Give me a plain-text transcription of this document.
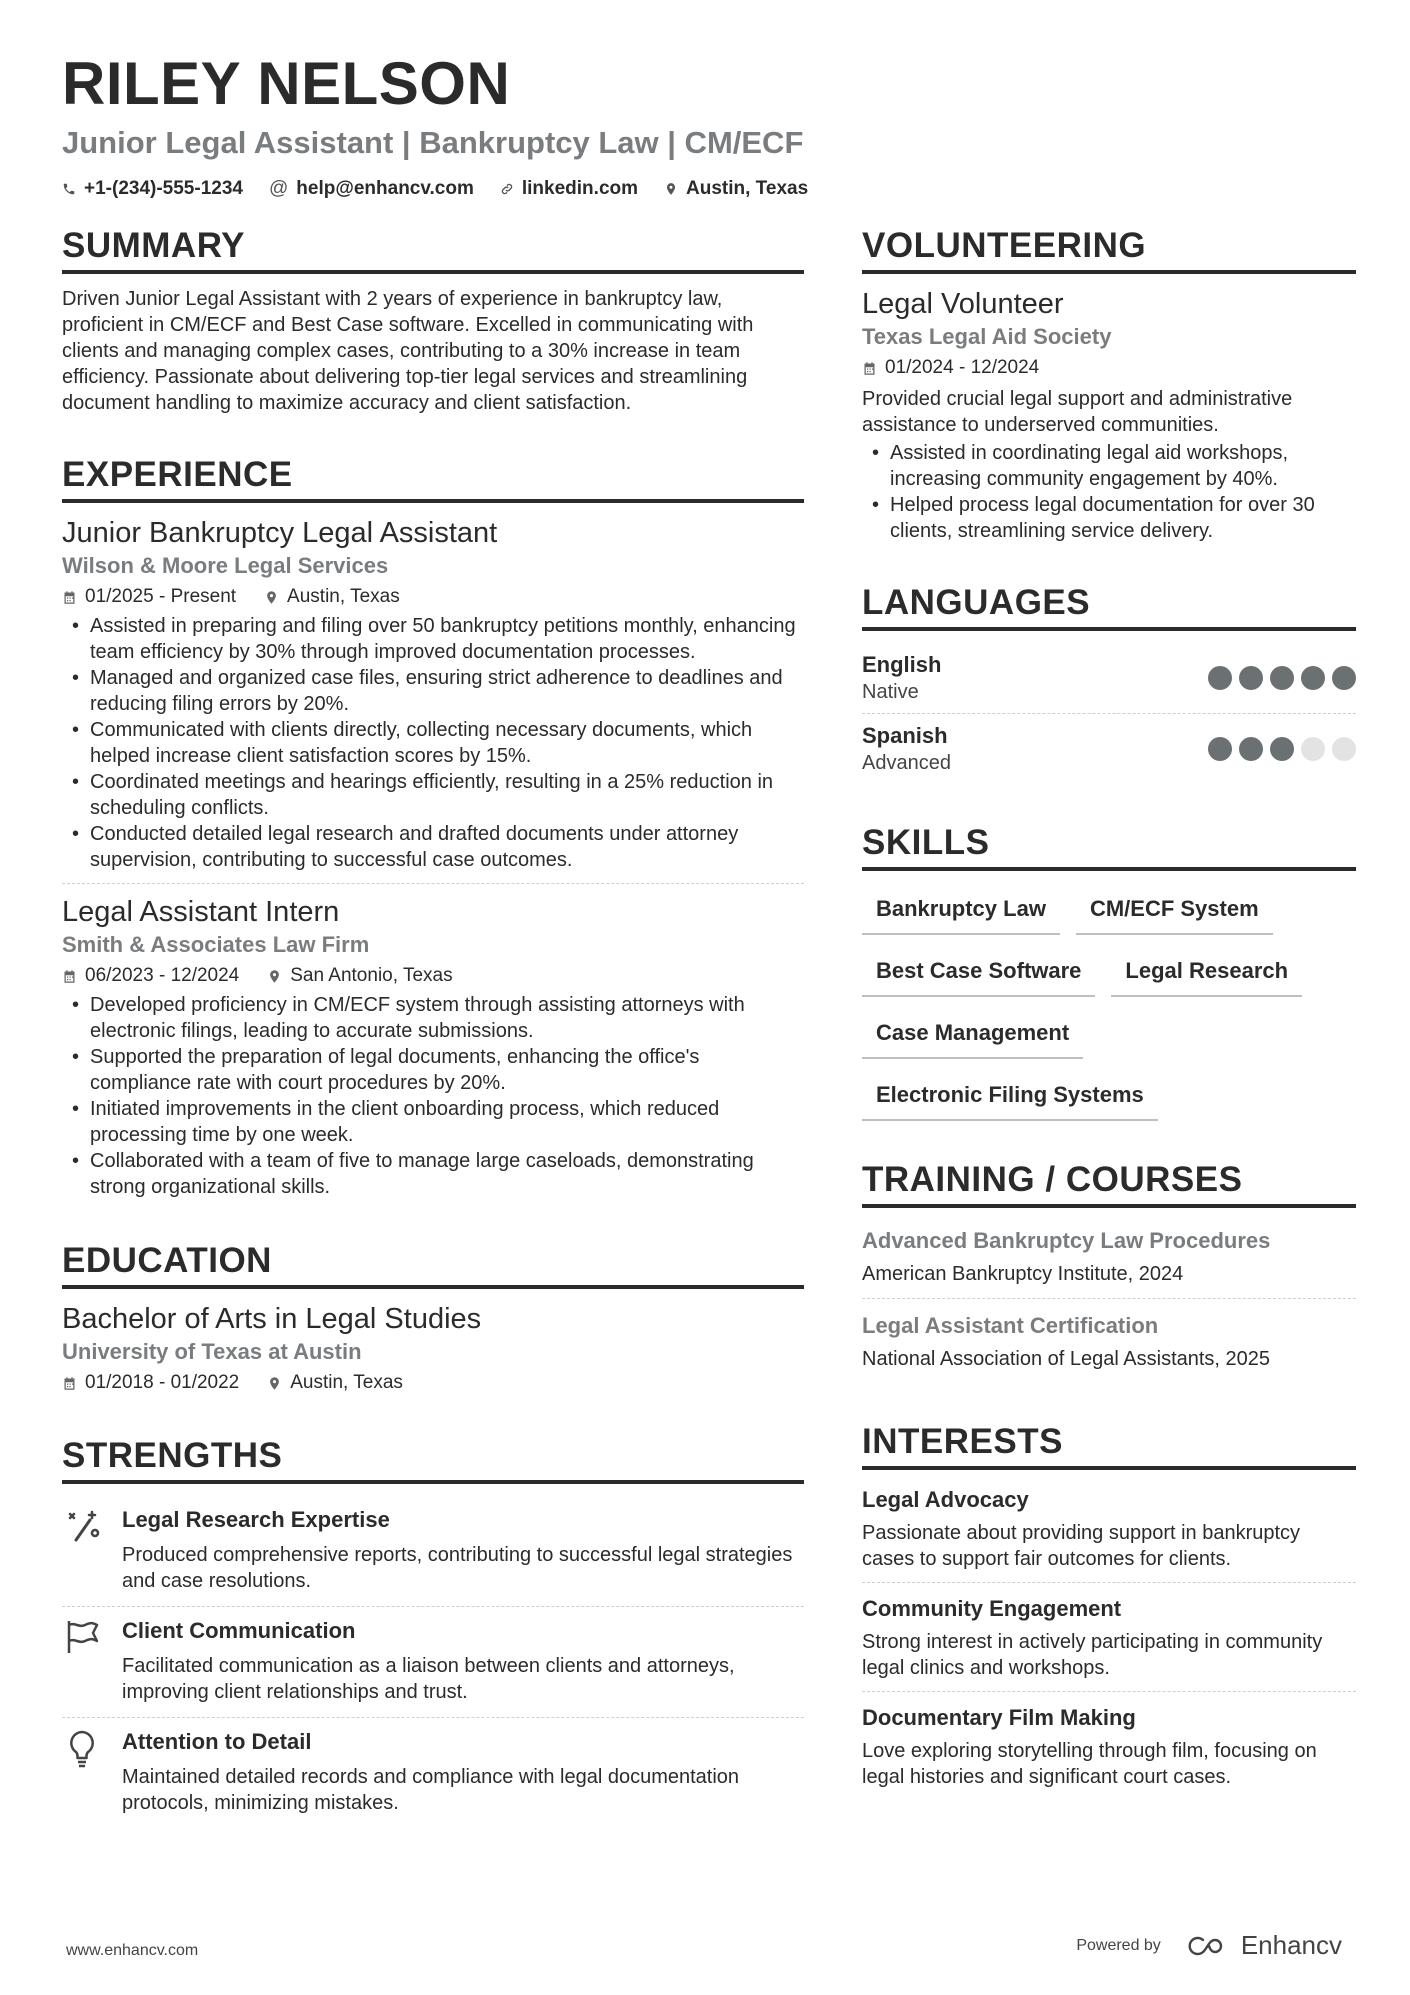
RILEY NELSON
Junior Legal Assistant | Bankruptcy Law | CM/ECF
+1-(234)-555-1234 @ help@enhancv.com	linkedin.com	Austin, Texas
SUMMARY
Driven Junior Legal Assistant with 2 years of experience in bankruptcy law, proficient in CM/ECF and Best Case software. Excelled in communicating with clients and managing complex cases, contributing to a 30% increase in team efficiency. Passionate about delivering top-tier legal services and streamlining document handling to maximize accuracy and client satisfaction.
EXPERIENCE
Junior Bankruptcy Legal Assistant
Wilson & Moore Legal Services
01/2025 - Present	Austin, Texas
• Assisted in preparing and filing over 50 bankruptcy petitions monthly, enhancing team efficiency by 30% through improved documentation processes.
• Managed and organized case files, ensuring strict adherence to deadlines and reducing filing errors by 20%.
• Communicated with clients directly, collecting necessary documents, which helped increase client satisfaction scores by 15%.
• Coordinated meetings and hearings efficiently, resulting in a 25% reduction in scheduling conflicts.
• Conducted detailed legal research and drafted documents under attorney supervision, contributing to successful case outcomes.
Legal Assistant Intern
Smith & Associates Law Firm
06/2023 - 12/2024	San Antonio, Texas
• Developed proficiency in CM/ECF system through assisting attorneys with electronic filings, leading to accurate submissions.
• Supported the preparation of legal documents, enhancing the office's compliance rate with court procedures by 20%.
• Initiated improvements in the client onboarding process, which reduced processing time by one week.
• Collaborated with a team of five to manage large caseloads, demonstrating strong organizational skills.
EDUCATION
Bachelor of Arts in Legal Studies
University of Texas at Austin
01/2018 - 01/2022	Austin, Texas
STRENGTHS
Legal Research Expertise
Produced comprehensive reports, contributing to successful legal strategies and case resolutions.
Client Communication
Facilitated communication as a liaison between clients and attorneys, improving client relationships and trust.
Attention to Detail
Maintained detailed records and compliance with legal documentation protocols, minimizing mistakes.
VOLUNTEERING
Legal Volunteer
Texas Legal Aid Society
01/2024 - 12/2024
Provided crucial legal support and administrative assistance to underserved communities.
• Assisted in coordinating legal aid workshops, increasing community engagement by 40%.
• Helped process legal documentation for over 30 clients, streamlining service delivery.
LANGUAGES
English
Native
Spanish
Advanced
SKILLS
Bankruptcy Law	CM/ECF System
Best Case Software	Legal Research
Case Management
Electronic Filing Systems
TRAINING / COURSES
Advanced Bankruptcy Law Procedures
American Bankruptcy Institute, 2024
Legal Assistant Certification
National Association of Legal Assistants, 2025
INTERESTS
Legal Advocacy
Passionate about providing support in bankruptcy cases to support fair outcomes for clients.
Community Engagement
Strong interest in actively participating in community legal clinics and workshops.
Documentary Film Making
Love exploring storytelling through film, focusing on legal histories and significant court cases.
www.enhancv.com	Powered by	Enhancv
